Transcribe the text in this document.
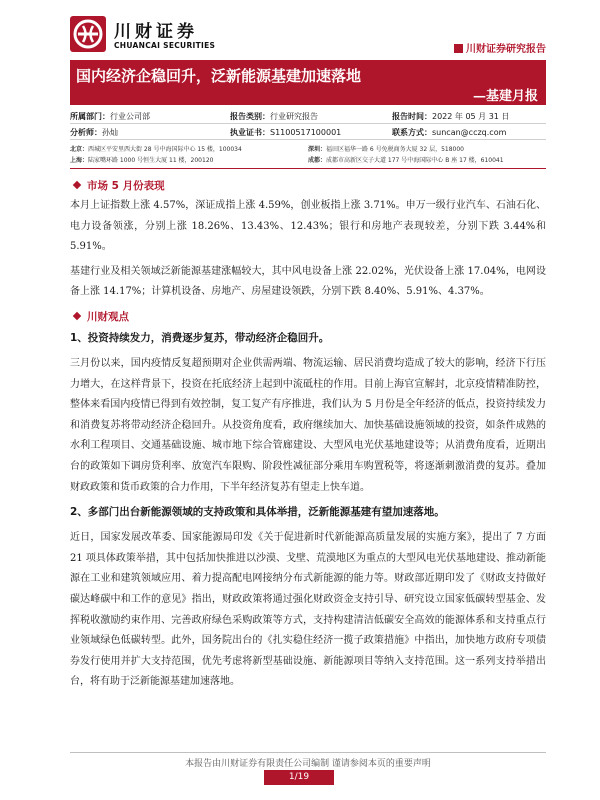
川财证券
CHUANCAI SECURITIES	川财证券研究报告
国内经济企稳回升，泛新能源基建加速落地
—基建月报
所属部门：行业公司部	报告类别：行业研究报告	报告时间：2022 年 05 月 31 日
分析师：孙灿	执业证书：S1100517100001	联系方式：suncan@cczq.com
北京：西城区平安里西大街 28 号中海国际中心 15 楼，100034	深圳：福田区福华一路 6 号免税商务大厦 32 层，518000
上海：陆家嘴环路 1000 号恒生大厦 11 楼，200120	成都：成都市高新区交子大道 177 号中海国际中心 B 座 17 楼，610041
市场 5 月份表现

本月上证指数上涨 4.57%，深证成指上涨 4.59%，创业板指上涨 3.71%。申万一级行业汽车、石油石化、电力设备领涨，分别上涨 18.26%、13.43%、12.43%；银行和房地产表现较差，分别下跌 3.44%和 5.91%。

基建行业及相关领域泛新能源基建涨幅较大，其中风电设备上涨 22.02%，光伏设备上涨 17.04%，电网设备上涨 14.17%；计算机设备、房地产、房屋建设领跌，分别下跌 8.40%、5.91%、4.37%。

川财观点
1、投资持续发力，消费逐步复苏，带动经济企稳回升。

三月份以来，国内疫情反复超预期对企业供需两端、物流运输、居民消费均造成了较大的影响，经济下行压力增大，在这样背景下，投资在托底经济上起到中流砥柱的作用。目前上海官宣解封，北京疫情精准防控，整体来看国内疫情已得到有效控制，复工复产有序推进，我们认为 5 月份是全年经济的低点，投资持续发力和消费复苏将带动经济企稳回升。从投资角度看，政府继续加大、加快基础设施领域的投资，如条件成熟的水利工程项目、交通基础设施、城市地下综合管廊建设、大型风电光伏基地建设等；从消费角度看，近期出台的政策如下调房贷利率、放宽汽车限购、阶段性减征部分乘用车购置税等，将逐渐刺激消费的复苏。叠加财政政策和货币政策的合力作用，下半年经济复苏有望走上快车道。

2、多部门出台新能源领域的支持政策和具体举措，泛新能源基建有望加速落地。

近日，国家发展改革委、国家能源局印发《关于促进新时代新能源高质量发展的实施方案》，提出了 7 方面 21 项具体政策举措，其中包括加快推进以沙漠、戈壁、荒漠地区为重点的大型风电光伏基地建设、推动新能源在工业和建筑领域应用、着力提高配电网接纳分布式新能源的能力等。财政部近期印发了《财政支持做好碳达峰碳中和工作的意见》指出，财政政策将通过强化财政资金支持引导、研究设立国家低碳转型基金、发挥税收激励约束作用、完善政府绿色采购政策等方式，支持构建清洁低碳安全高效的能源体系和支持重点行业领域绿色低碳转型。此外，国务院出台的《扎实稳住经济一揽子政策措施》中指出，加快地方政府专项债券发行使用并扩大支持范围，优先考虑将新型基础设施、新能源项目等纳入支持范围。这一系列支持举措出台，将有助于泛新能源基建加速落地。

本报告由川财证券有限责任公司编制 谨请参阅本页的重要声明
1/19
